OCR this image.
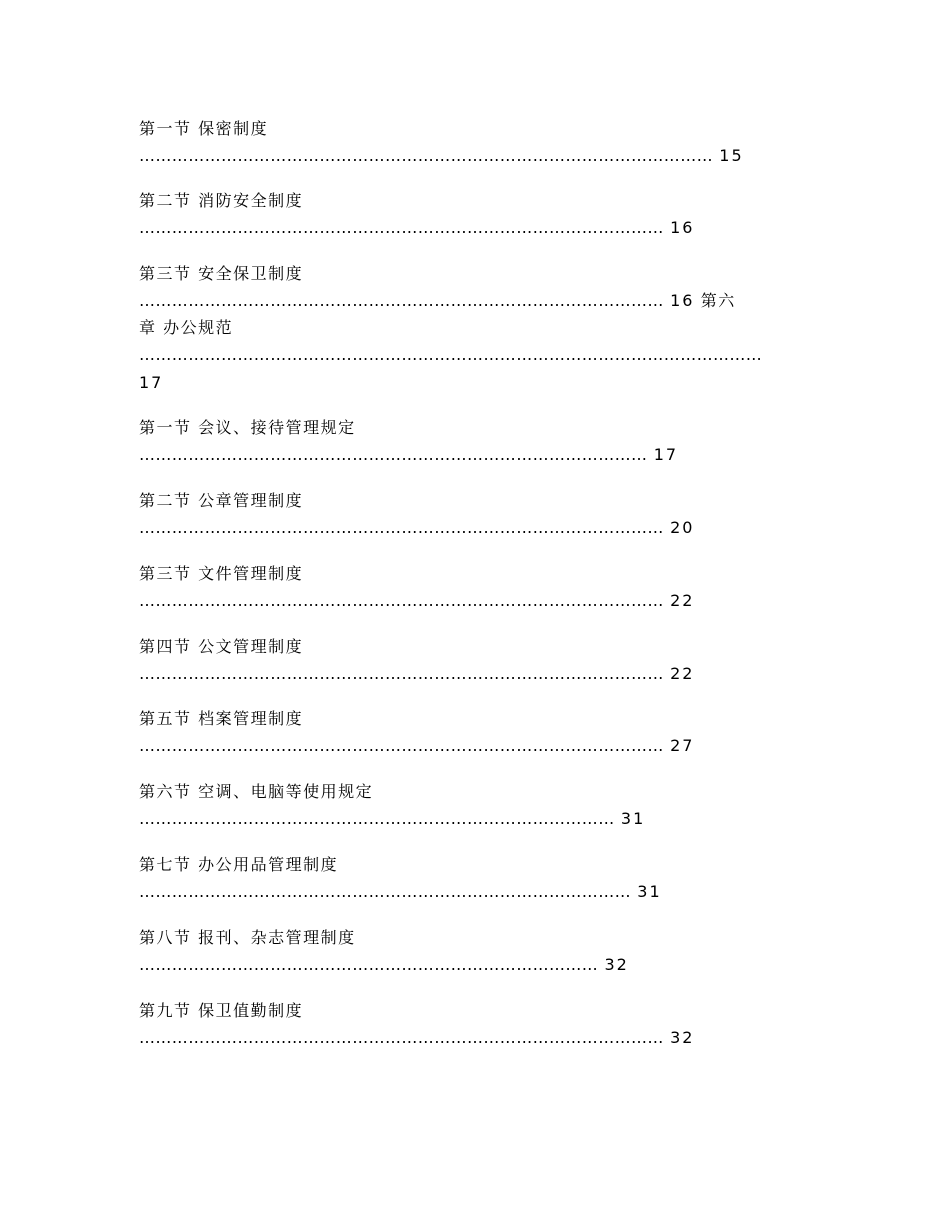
第一节 保密制度
…………………………………………………………………………………………… 15
第二节 消防安全制度
…………………………………………………………………………………… 16
第三节 安全保卫制度
…………………………………………………………………………………… 16 第六
章 办公规范
……………………………………………………………………………………………………
17
第一节 会议、接待管理规定
………………………………………………………………………………… 17
第二节 公章管理制度
…………………………………………………………………………………… 20
第三节 文件管理制度
…………………………………………………………………………………… 22
第四节 公文管理制度
…………………………………………………………………………………… 22
第五节 档案管理制度
…………………………………………………………………………………… 27
第六节 空调、电脑等使用规定
…………………………………………………………………………… 31
第七节 办公用品管理制度
……………………………………………………………………………… 31
第八节 报刊、杂志管理制度
………………………………………………………………………… 32
第九节 保卫值勤制度
…………………………………………………………………………………… 32
